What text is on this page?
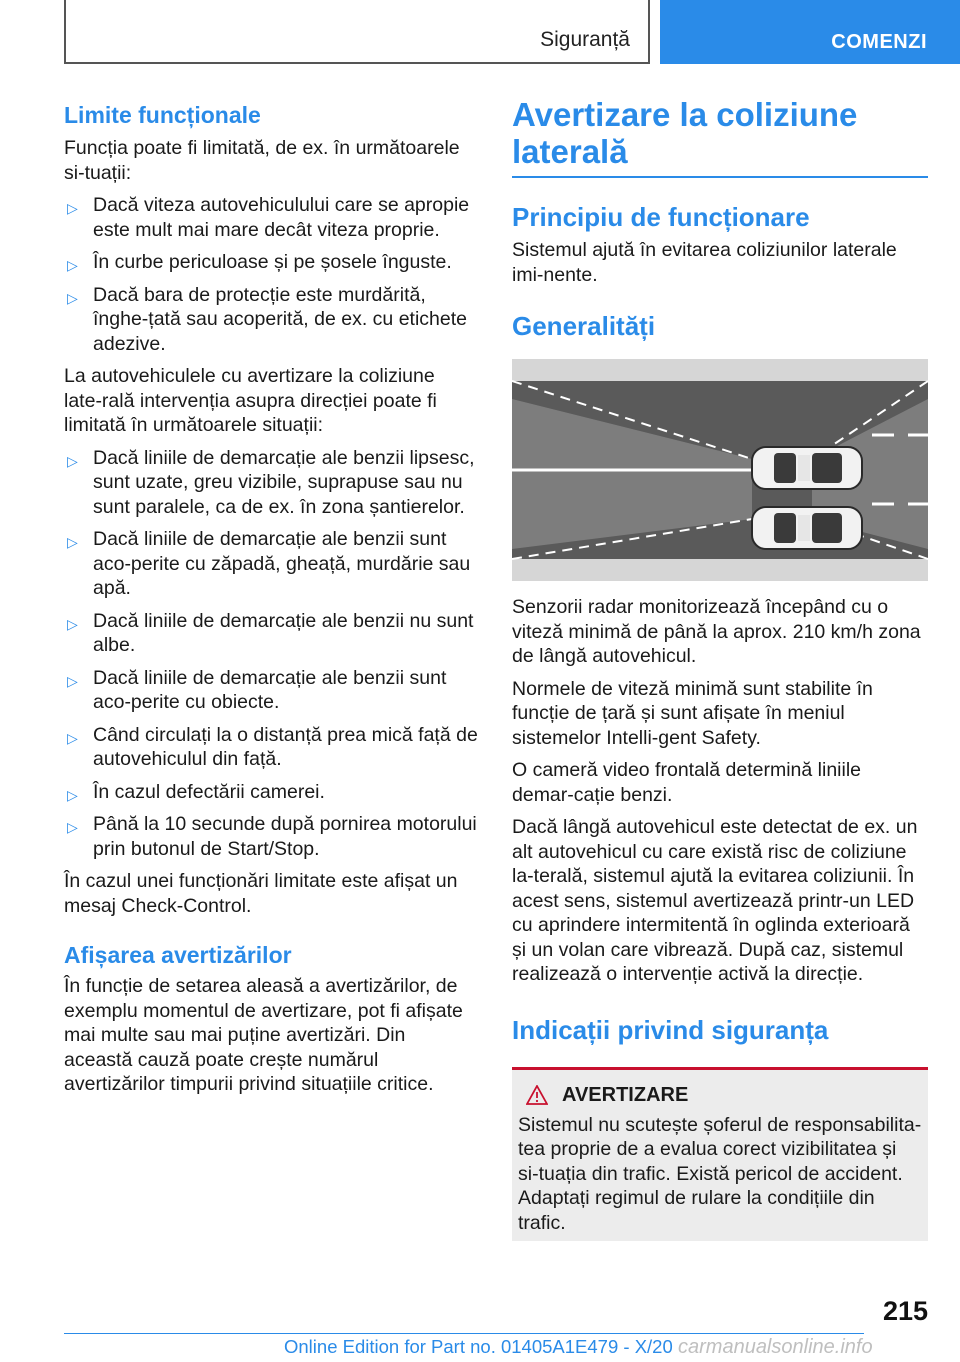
Siguranță	COMENZI
Limite funcționale

Funcția poate fi limitată, de ex. în următoarele si-tuații:

▷ Dacă viteza autovehiculului care se apropie este mult mai mare decât viteza proprie.
▷ În curbe periculoase și pe șosele înguste.
▷ Dacă bara de protecție este murdărită, înghe-țată sau acoperită, de ex. cu etichete adezive.

La autovehiculele cu avertizare la coliziune late-rală intervenția asupra direcției poate fi limitată în următoarele situații:

▷ Dacă liniile de demarcație ale benzii lipsesc, sunt uzate, greu vizibile, suprapuse sau nu sunt paralele, ca de ex. în zona șantierelor.
▷ Dacă liniile de demarcație ale benzii sunt aco-perite cu zăpadă, gheață, murdărie sau apă.
▷ Dacă liniile de demarcație ale benzii nu sunt albe.
▷ Dacă liniile de demarcație ale benzii sunt aco-perite cu obiecte.
▷ Când circulați la o distanță prea mică față de autovehiculul din față.
▷ În cazul defectării camerei.
▷ Până la 10 secunde după pornirea motorului prin butonul de Start/Stop.

În cazul unei funcționări limitate este afișat un mesaj Check-Control.

Afișarea avertizărilor

În funcție de setarea aleasă a avertizărilor, de exemplu momentul de avertizare, pot fi afișate mai multe sau mai puține avertizări. Din această cauză poate crește numărul avertizărilor timpurii privind situațiile critice.

Avertizare la coliziune laterală
Principiu de funcționare

Sistemul ajută în evitarea coliziunilor laterale imi-nente.

Generalități

Senzorii radar monitorizează începând cu o viteză minimă de până la aprox. 210 km/h zona de lângă autovehicul.

Normele de viteză minimă sunt stabilite în funcție de țară și sunt afișate în meniul sistemelor Intelli-gent Safety.

O cameră video frontală determină liniile demar-cație benzi.

Dacă lângă autovehicul este detectat de ex. un alt autovehicul cu care există risc de coliziune la-terală, sistemul ajută la evitarea coliziunii. În acest sens, sistemul avertizează printr-un LED cu aprindere intermitentă în oglinda exterioară și un volan care vibrează. După caz, sistemul realizează o intervenție activă la direcție.

Indicații privind siguranța
AVERTIZARE

Sistemul nu scutește șoferul de responsabilita-tea proprie de a evalua corect vizibilitatea și si-tuația din trafic. Există pericol de accident. Adaptați regimul de rulare la condițiile din trafic.

215
Online Edition for Part no. 01405A1E479 - X/20 carmanualsonline.info
